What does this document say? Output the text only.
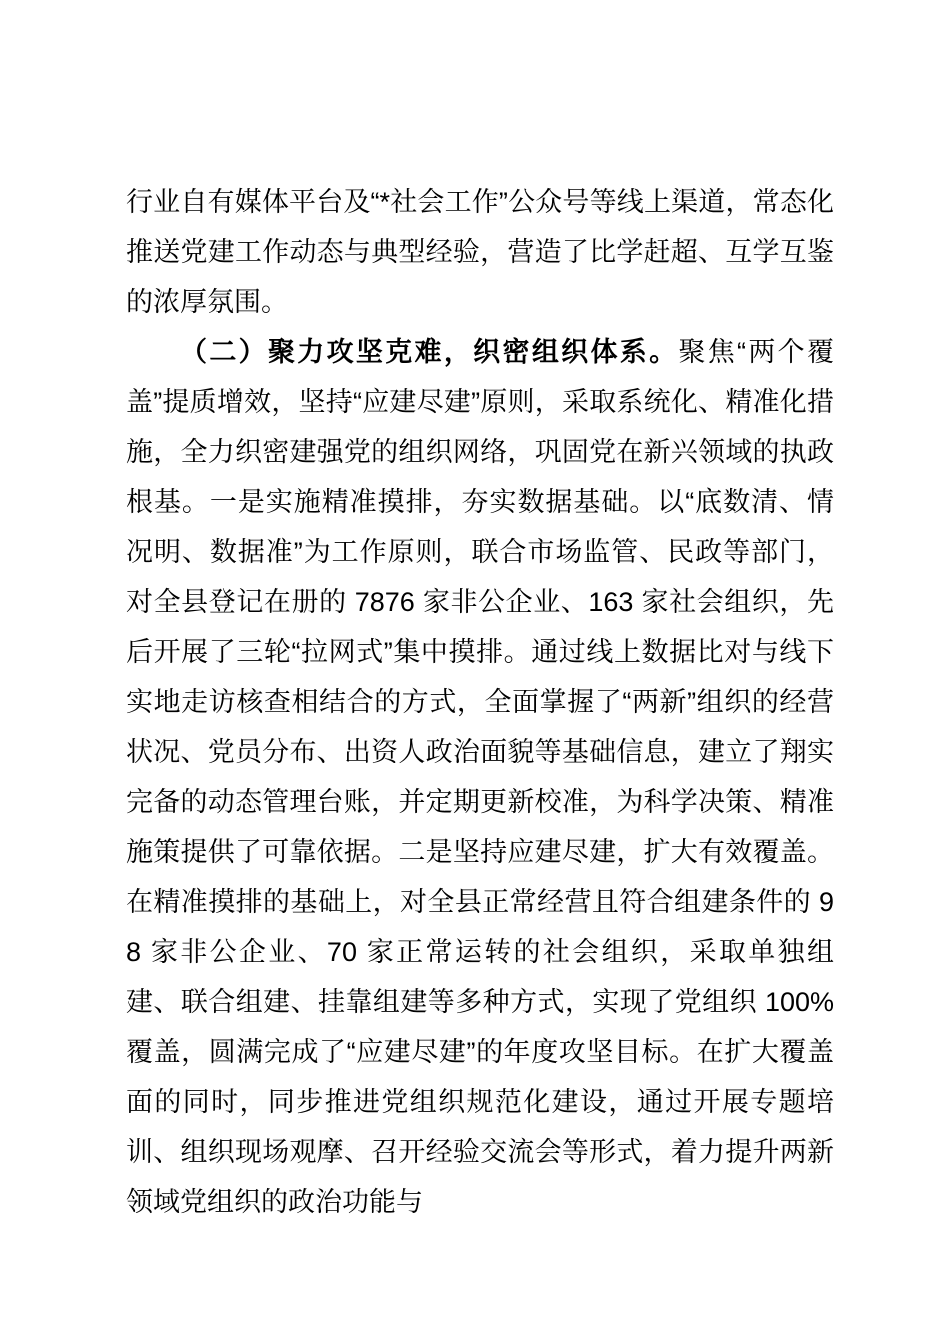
行业自有媒体平台及“*社会工作”公众号等线上渠道，常态化推送党建工作动态与典型经验，营造了比学赶超、互学互鉴的浓厚氛围。

（二）聚力攻坚克难，织密组织体系。聚焦“两个覆盖”提质增效，坚持“应建尽建”原则，采取系统化、精准化措施，全力织密建强党的组织网络，巩固党在新兴领域的执政根基。一是实施精准摸排，夯实数据基础。以“底数清、情况明、数据准”为工作原则，联合市场监管、民政等部门，对全县登记在册的 7876 家非公企业、163 家社会组织，先后开展了三轮“拉网式”集中摸排。通过线上数据比对与线下实地走访核查相结合的方式，全面掌握了“两新”组织的经营状况、党员分布、出资人政治面貌等基础信息，建立了翔实完备的动态管理台账，并定期更新校准，为科学决策、精准施策提供了可靠依据。二是坚持应建尽建，扩大有效覆盖。在精准摸排的基础上，对全县正常经营且符合组建条件的 98 家非公企业、70 家正常运转的社会组织，采取单独组建、联合组建、挂靠组建等多种方式，实现了党组织 100%覆盖，圆满完成了“应建尽建”的年度攻坚目标。在扩大覆盖面的同时，同步推进党组织规范化建设，通过开展专题培训、组织现场观摩、召开经验交流会等形式，着力提升两新领域党组织的政治功能与
